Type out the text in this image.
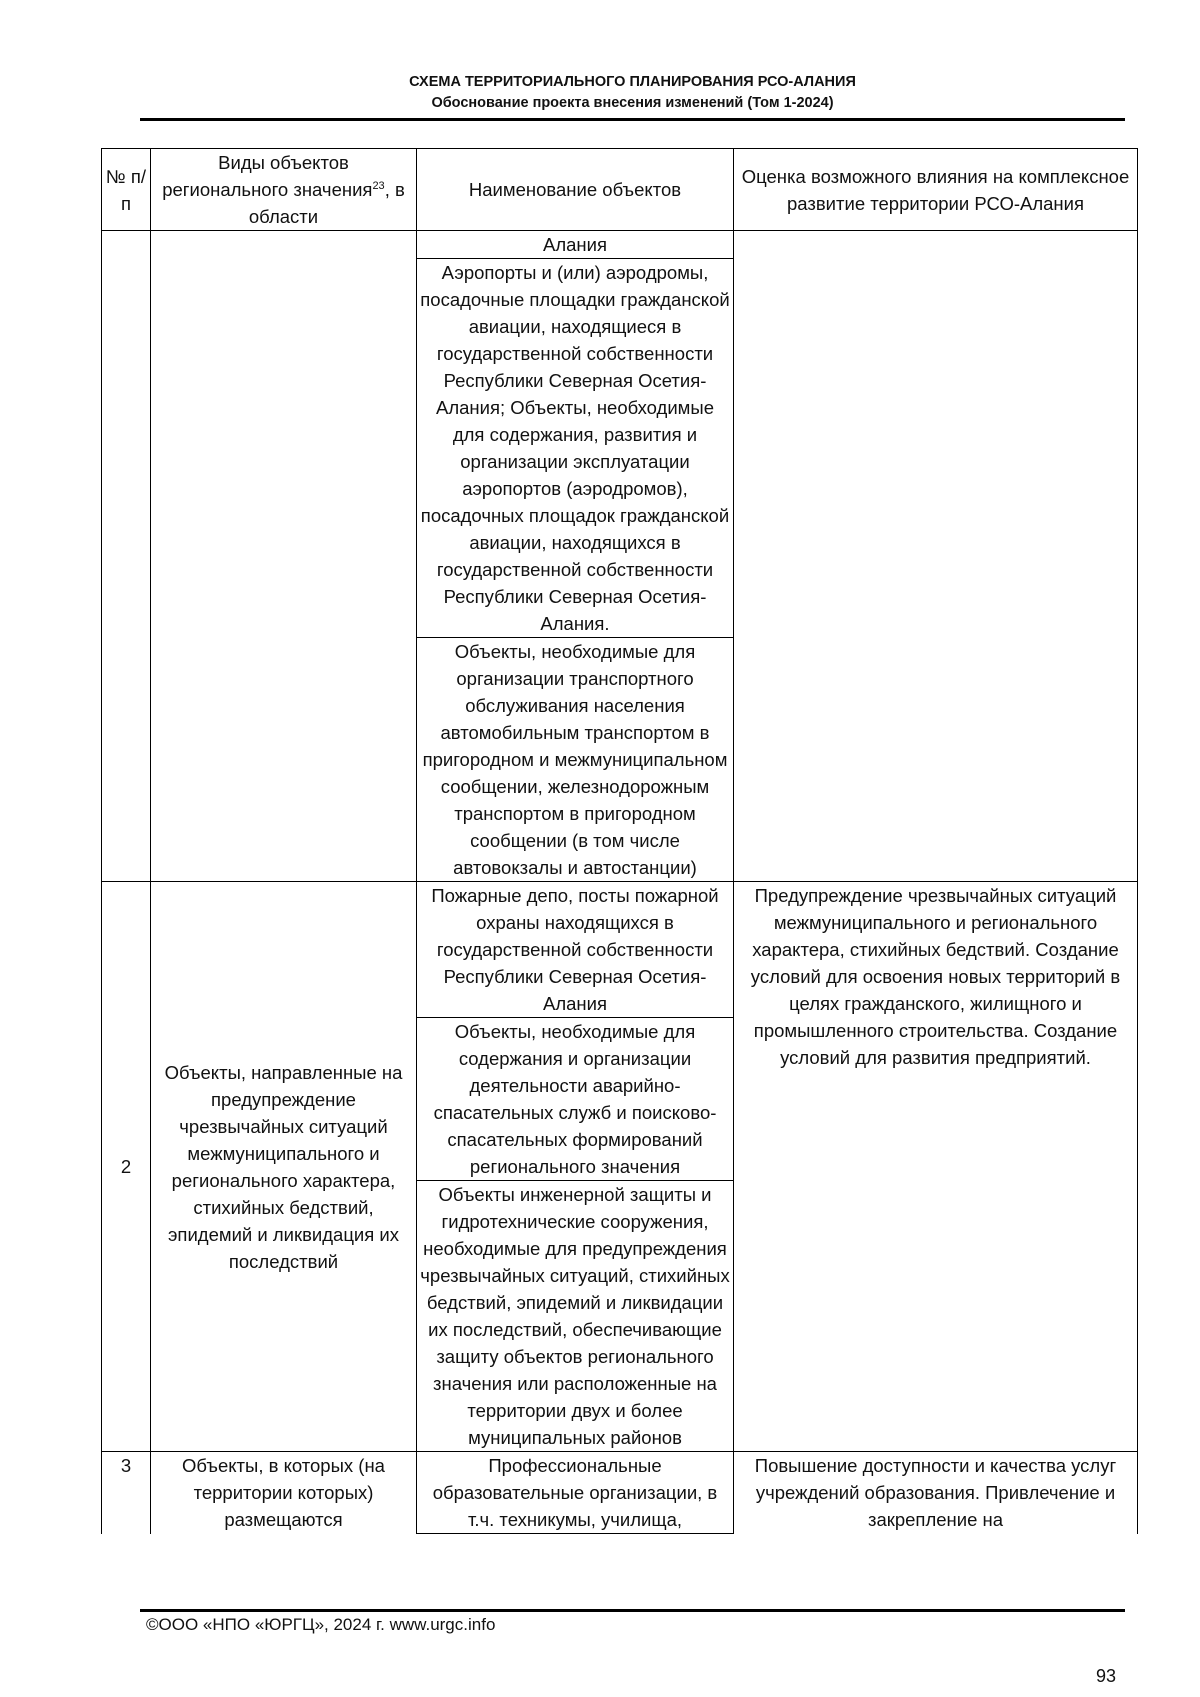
СХЕМА ТЕРРИТОРИАЛЬНОГО ПЛАНИРОВАНИЯ РСО-АЛАНИЯ
Обоснование проекта внесения изменений (Том 1-2024)
№ п/п	Виды объектов регионального значения$^{23}$, в области	Наименование объектов	Оценка возможного влияния на комплексное развитие территории РСО-Алания
		Алания	
		Аэропорты и (или) аэродромы, посадочные площадки гражданской авиации, находящиеся в государственной собственности Республики Северная Осетия-Алания; Объекты, необходимые для содержания, развития и организации эксплуатации аэропортов (аэродромов), посадочных площадок гражданской авиации, находящихся в государственной собственности Республики Северная Осетия-Алания.	
		Объекты, необходимые для организации транспортного обслуживания населения автомобильным транспортом в пригородном и межмуниципальном сообщении, железнодорожным транспортом в пригородном сообщении (в том числе автовокзалы и автостанции)	
2	Объекты, направленные на предупреждение чрезвычайных ситуаций межмуниципального и регионального характера, стихийных бедствий, эпидемий и ликвидация их последствий	Пожарные депо, посты пожарной охраны находящихся в государственной собственности Республики Северная Осетия-Алания	Предупреждение чрезвычайных ситуаций межмуниципального и регионального характера, стихийных бедствий. Создание условий для освоения новых территорий в целях гражданского, жилищного и промышленного строительства. Создание условий для развития предприятий.
		Объекты, необходимые для содержания и организации деятельности аварийно-спасательных служб и поисково-спасательных формирований регионального значения	
		Объекты инженерной защиты и гидротехнические сооружения, необходимые для предупреждения чрезвычайных ситуаций, стихийных бедствий, эпидемий и ликвидации их последствий, обеспечивающие защиту объектов регионального значения или расположенные на территории двух и более муниципальных районов	
3	Объекты, в которых (на территории которых) размещаются	Профессиональные образовательные организации, в т.ч. техникумы, училища,	Повышение доступности и качества услуг учреждений образования. Привлечение и закрепление на
©ООО «НПО «ЮРГЦ», 2024 г. www.urgc.info
93
